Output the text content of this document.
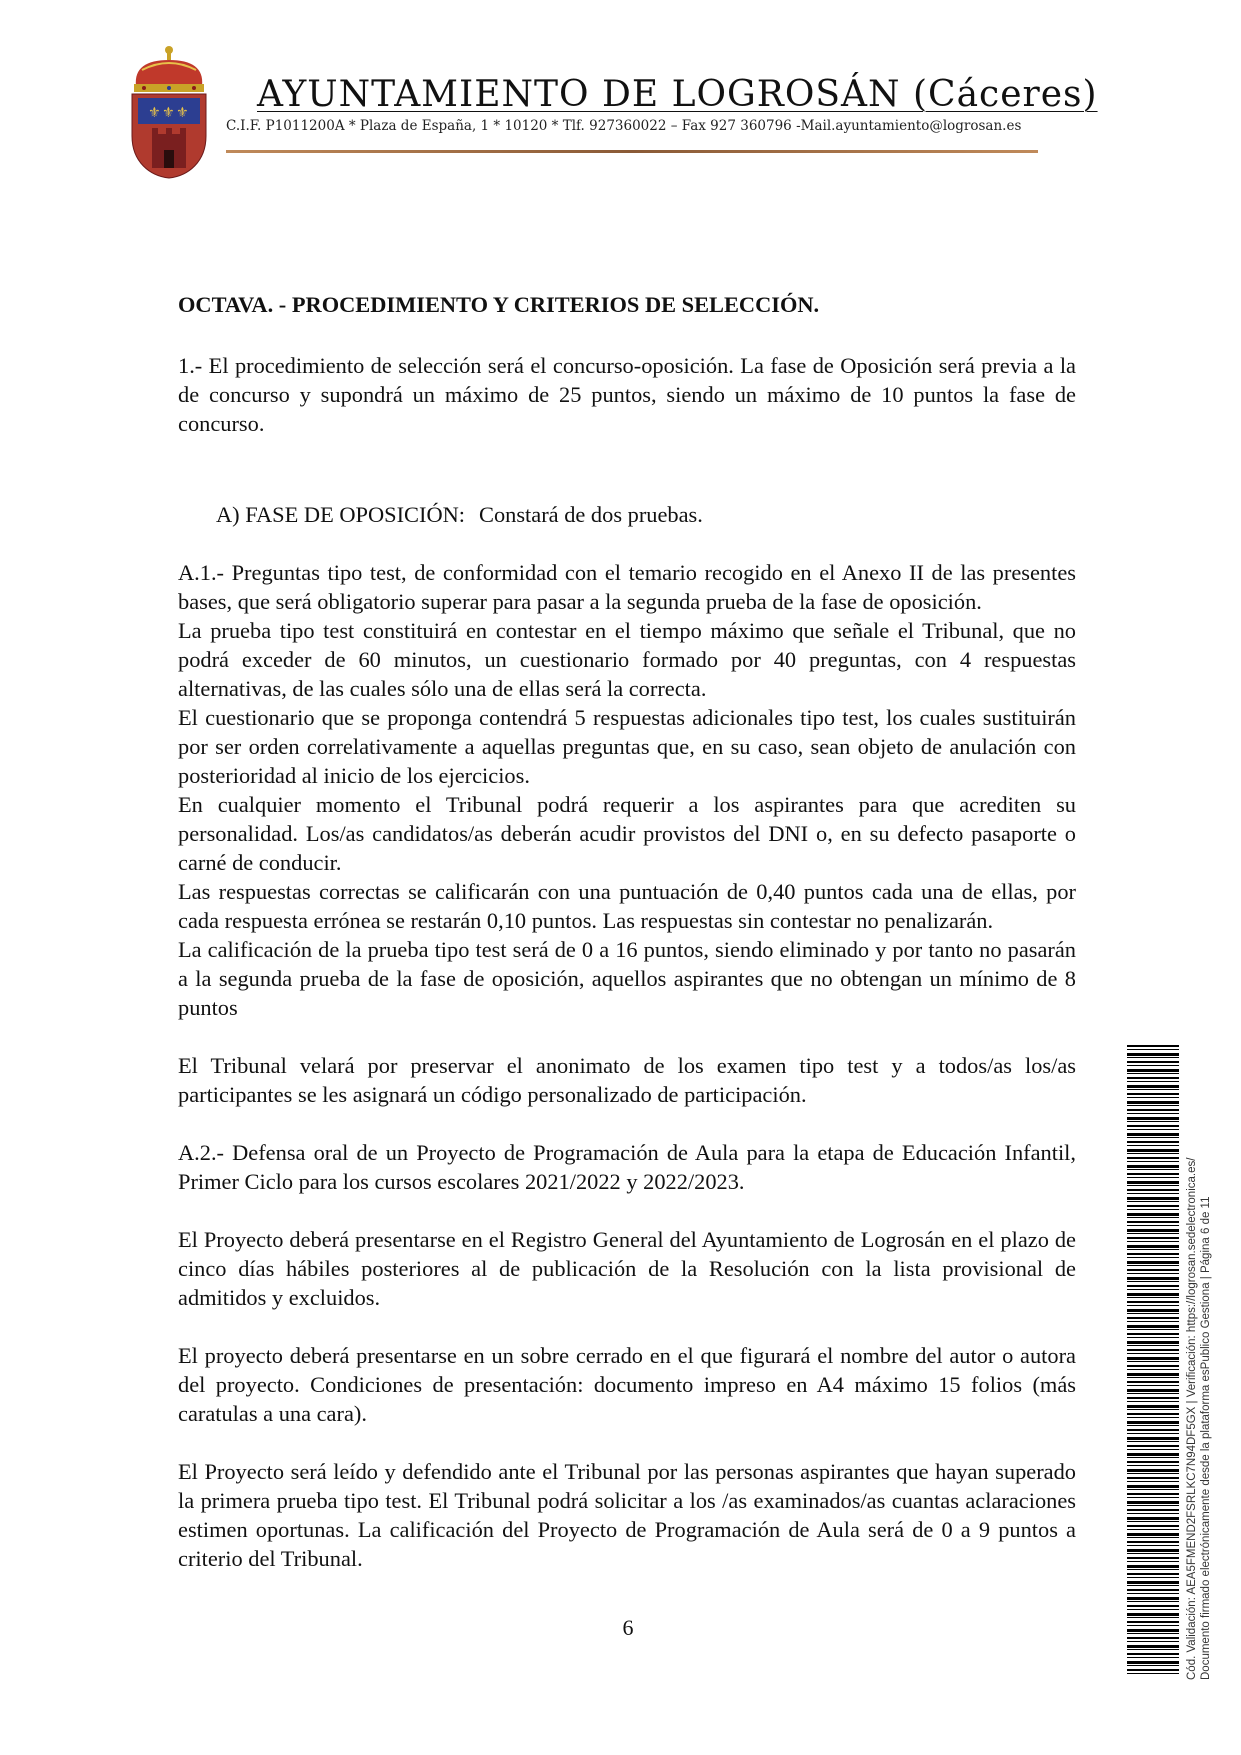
⚜ ⚜ ⚜ AYUNTAMIENTO DE LOGROSÁN (Cáceres)
C.I.F. P1011200A * Plaza de España, 1 * 10120 * Tlf. 927360022 – Fax 927 360796 -Mail.ayuntamiento@logrosan.es

OCTAVA. - PROCEDIMIENTO Y CRITERIOS DE SELECCIÓN.

1.- El procedimiento de selección será el concurso-oposición. La fase de Oposición será previa a la de concurso y supondrá un máximo de 25 puntos, siendo un máximo de 10 puntos la fase de concurso.

A) FASE DE OPOSICIÓN: Constará de dos pruebas.

A.1.- Preguntas tipo test, de conformidad con el temario recogido en el Anexo II de las presentes bases, que será obligatorio superar para pasar a la segunda prueba de la fase de oposición.

La prueba tipo test constituirá en contestar en el tiempo máximo que señale el Tribunal, que no podrá exceder de 60 minutos, un cuestionario formado por 40 preguntas, con 4 respuestas alternativas, de las cuales sólo una de ellas será la correcta.

El cuestionario que se proponga contendrá 5 respuestas adicionales tipo test, los cuales sustituirán por ser orden correlativamente a aquellas preguntas que, en su caso, sean objeto de anulación con posterioridad al inicio de los ejercicios.

En cualquier momento el Tribunal podrá requerir a los aspirantes para que acrediten su personalidad. Los/as candidatos/as deberán acudir provistos del DNI o, en su defecto pasaporte o carné de conducir.

Las respuestas correctas se calificarán con una puntuación de 0,40 puntos cada una de ellas, por cada respuesta errónea se restarán 0,10 puntos. Las respuestas sin contestar no penalizarán.

La calificación de la prueba tipo test será de 0 a 16 puntos, siendo eliminado y por tanto no pasarán a la segunda prueba de la fase de oposición, aquellos aspirantes que no obtengan un mínimo de 8 puntos

El Tribunal velará por preservar el anonimato de los examen tipo test y a todos/as los/as participantes se les asignará un código personalizado de participación.

A.2.- Defensa oral de un Proyecto de Programación de Aula para la etapa de Educación Infantil, Primer Ciclo para los cursos escolares 2021/2022 y 2022/2023.

El Proyecto deberá presentarse en el Registro General del Ayuntamiento de Logrosán en el plazo de cinco días hábiles posteriores al de publicación de la Resolución con la lista provisional de admitidos y excluidos.

El proyecto deberá presentarse en un sobre cerrado en el que figurará el nombre del autor o autora del proyecto. Condiciones de presentación: documento impreso en A4 máximo 15 folios (más caratulas a una cara).

El Proyecto será leído y defendido ante el Tribunal por las personas aspirantes que hayan superado la primera prueba tipo test. El Tribunal podrá solicitar a los /as examinados/as cuantas aclaraciones estimen oportunas. La calificación del Proyecto de Programación de Aula será de 0 a 9 puntos a criterio del Tribunal.

6	Cód. Validación: AEA5FMEND2FSRLKC7N94DF5GX | Verificación: https://logrosan.sedelectronica.es/ Documento firmado electrónicamente desde la plataforma esPublico Gestiona | Página 6 de 11
